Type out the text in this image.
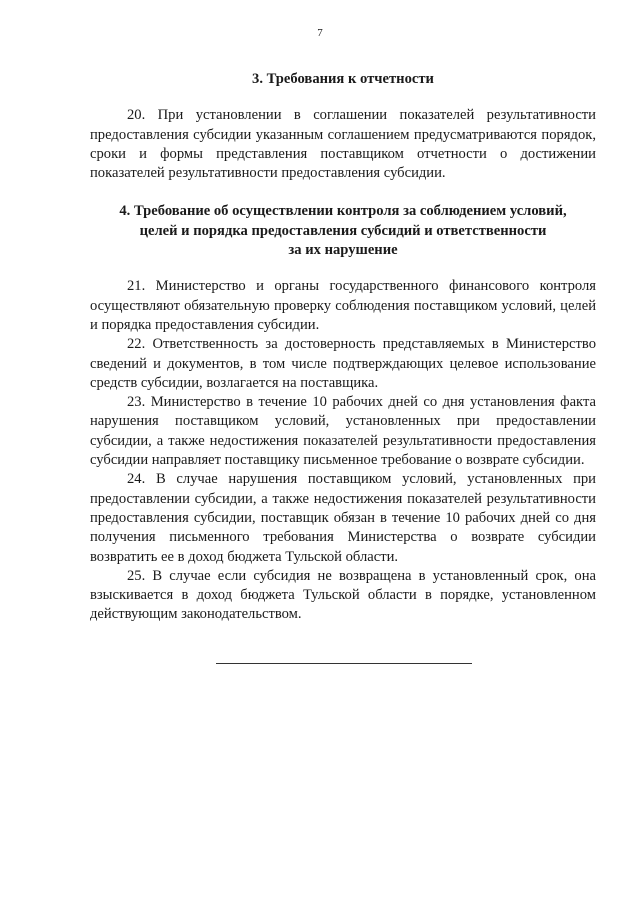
7

3. Требования к отчетности

20. При установлении в соглашении показателей результативности предоставления субсидии указанным соглашением предусматриваются порядок, сроки и формы представления поставщиком отчетности о достижении показателей результативности предоставления субсидии.

4. Требование об осуществлении контроля за соблюдением условий,
целей и порядка предоставления субсидий и ответственности
за их нарушение

21. Министерство и органы государственного финансового контроля осуществляют обязательную проверку соблюдения поставщиком условий, целей и порядка предоставления субсидии.

22. Ответственность за достоверность представляемых в Министерство сведений и документов, в том числе подтверждающих целевое использование средств субсидии, возлагается на поставщика.

23. Министерство в течение 10 рабочих дней со дня установления факта нарушения поставщиком условий, установленных при предоставлении субсидии, а также недостижения показателей результативности предоставления субсидии направляет поставщику письменное требование о возврате субсидии.

24. В случае нарушения поставщиком условий, установленных при предоставлении субсидии, а также недостижения показателей результативности предоставления субсидии, поставщик обязан в течение 10 рабочих дней со дня получения письменного требования Министерства о возврате субсидии возвратить ее в доход бюджета Тульской области.

25. В случае если субсидия не возвращена в установленный срок, она взыскивается в доход бюджета Тульской области в порядке, установленном действующим законодательством.
